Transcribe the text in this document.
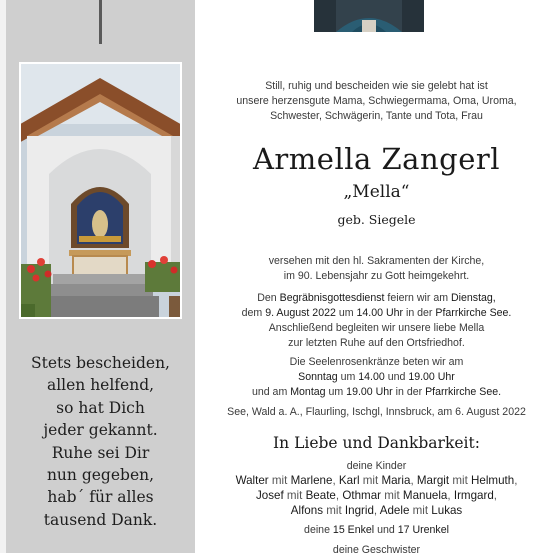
Stets bescheiden,
allen helfend,
so hat Dich
jeder gekannt.
Ruhe sei Dir
nun gegeben,
hab´ für alles
tausend Dank.
Still, ruhig und bescheiden wie sie gelebt hat ist
unsere herzensgute Mama, Schwiegermama, Oma, Uroma,
Schwester, Schwägerin, Tante und Tota, Frau
Armella Zangerl
„Mella“
geb. Siegele
versehen mit den hl. Sakramenten der Kirche,
im 90. Lebensjahr zu Gott heimgekehrt.
Den Begräbnisgottesdienst feiern wir am Dienstag,
dem 9. August 2022 um 14.00 Uhr in der Pfarrkirche See.
Anschließend begleiten wir unsere liebe Mella
zur letzten Ruhe auf den Ortsfriedhof.
Die Seelenrosenkränze beten wir am
Sonntag um 14.00 und 19.00 Uhr
und am Montag um 19.00 Uhr in der Pfarrkirche See.
See, Wald a. A., Flaurling, Ischgl, Innsbruck, am 6. August 2022
In Liebe und Dankbarkeit:
deine Kinder
Walter mit Marlene, Karl mit Maria, Margit mit Helmuth,
Josef mit Beate, Othmar mit Manuela, Irmgard,
Alfons mit Ingrid, Adele mit Lukas
deine 15 Enkel und 17 Urenkel
deine Geschwister
